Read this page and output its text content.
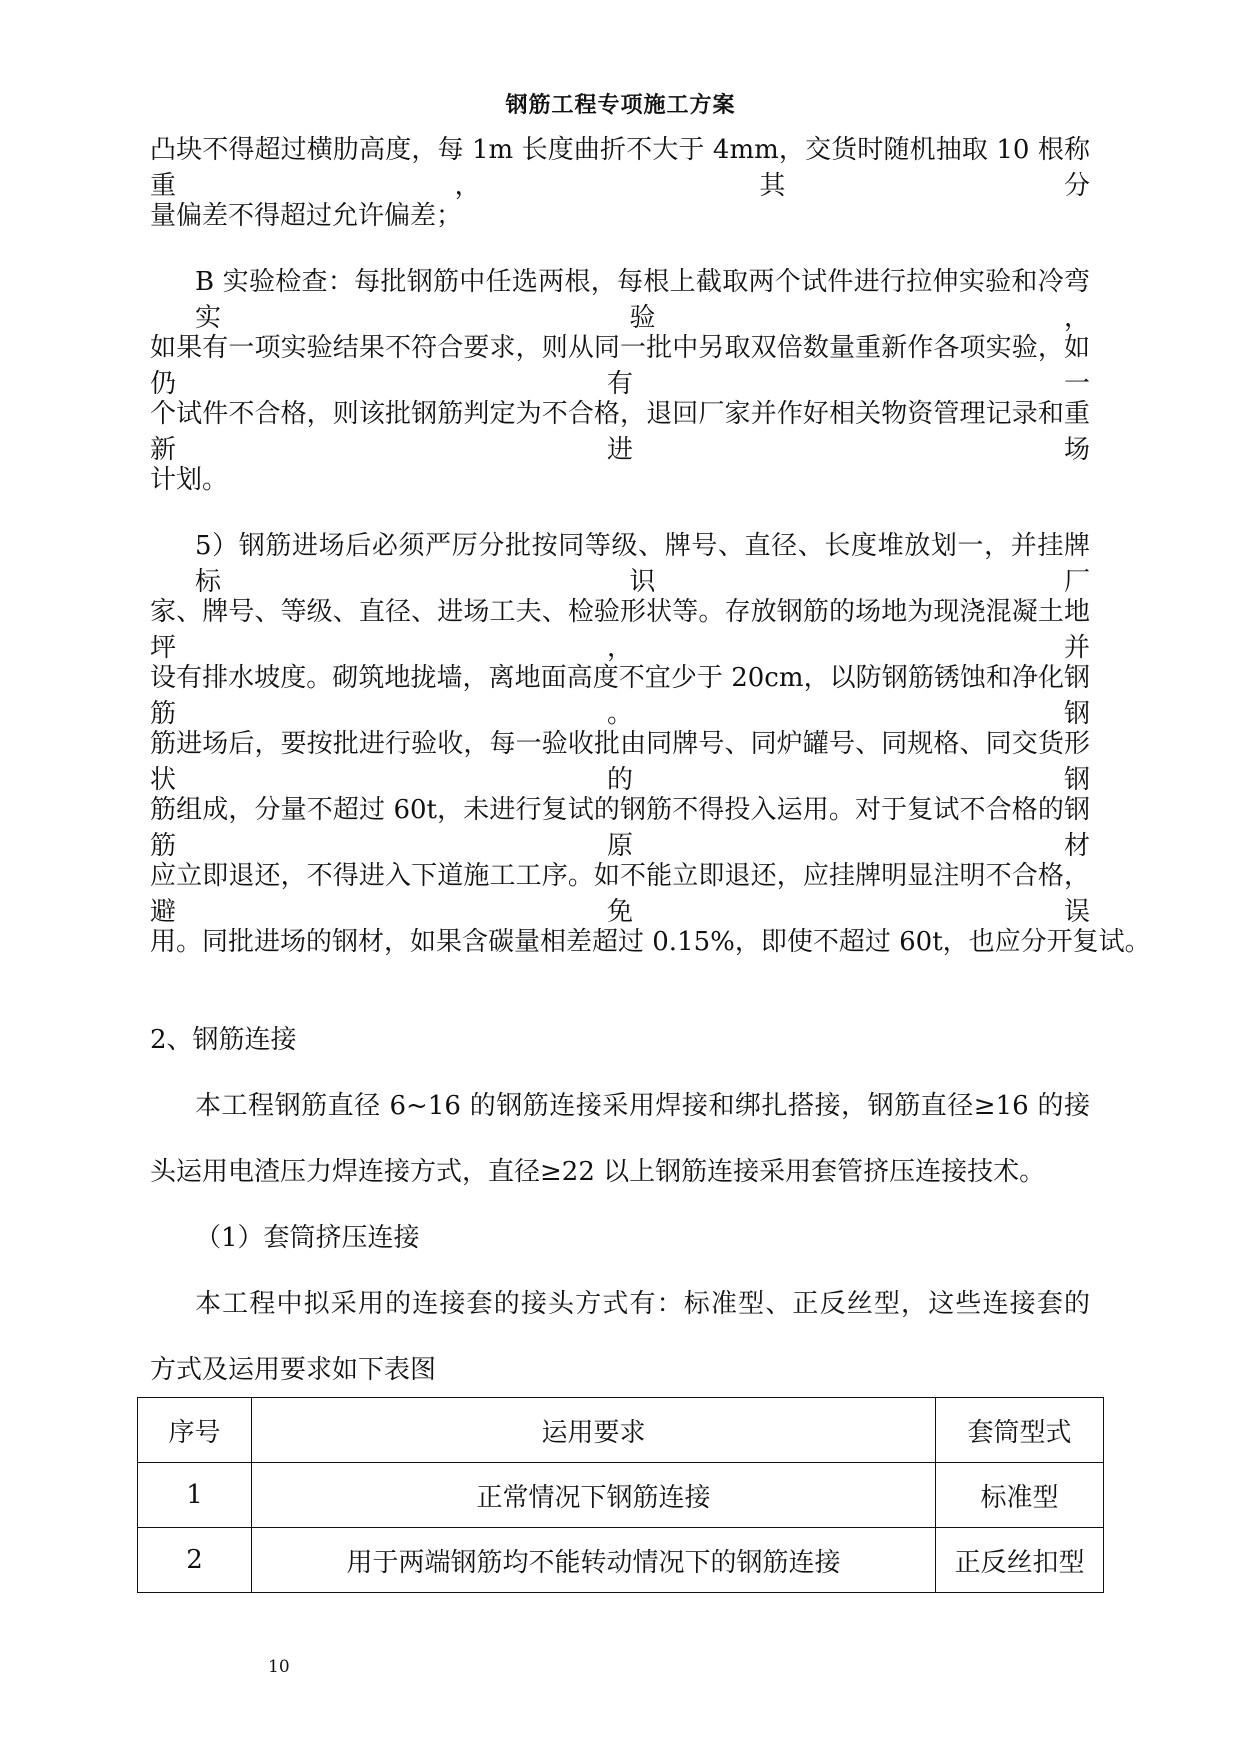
钢筋工程专项施工方案
凸块不得超过横肋高度，每 1m 长度曲折不大于 4mm，交货时随机抽取 10 根称重，其分
量偏差不得超过允许偏差；
B 实验检查：每批钢筋中任选两根，每根上截取两个试件进行拉伸实验和冷弯实验，
如果有一项实验结果不符合要求，则从同一批中另取双倍数量重新作各项实验，如仍有一
个试件不合格，则该批钢筋判定为不合格，退回厂家并作好相关物资管理记录和重新进场
计划。
5）钢筋进场后必须严厉分批按同等级、牌号、直径、长度堆放划一，并挂牌标识厂
家、牌号、等级、直径、进场工夫、检验形状等。存放钢筋的场地为现浇混凝土地坪，并
设有排水坡度。砌筑地拢墙，离地面高度不宜少于 20cm，以防钢筋锈蚀和净化钢筋。钢
筋进场后，要按批进行验收，每一验收批由同牌号、同炉罐号、同规格、同交货形状的钢
筋组成，分量不超过 60t，未进行复试的钢筋不得投入运用。对于复试不合格的钢筋原材
应立即退还，不得进入下道施工工序。如不能立即退还，应挂牌明显注明不合格，避免误
用。同批进场的钢材，如果含碳量相差超过 0.15%，即使不超过 60t，也应分开复试。
2、钢筋连接
本工程钢筋直径 6~16 的钢筋连接采用焊接和绑扎搭接，钢筋直径≥16 的接
头运用电渣压力焊连接方式，直径≥22 以上钢筋连接采用套管挤压连接技术。
（1）套筒挤压连接
本工程中拟采用的连接套的接头方式有：标准型、正反丝型，这些连接套的
方式及运用要求如下表图
序号	运用要求	套筒型式
1	正常情况下钢筋连接	标准型
2	用于两端钢筋均不能转动情况下的钢筋连接	正反丝扣型
10
